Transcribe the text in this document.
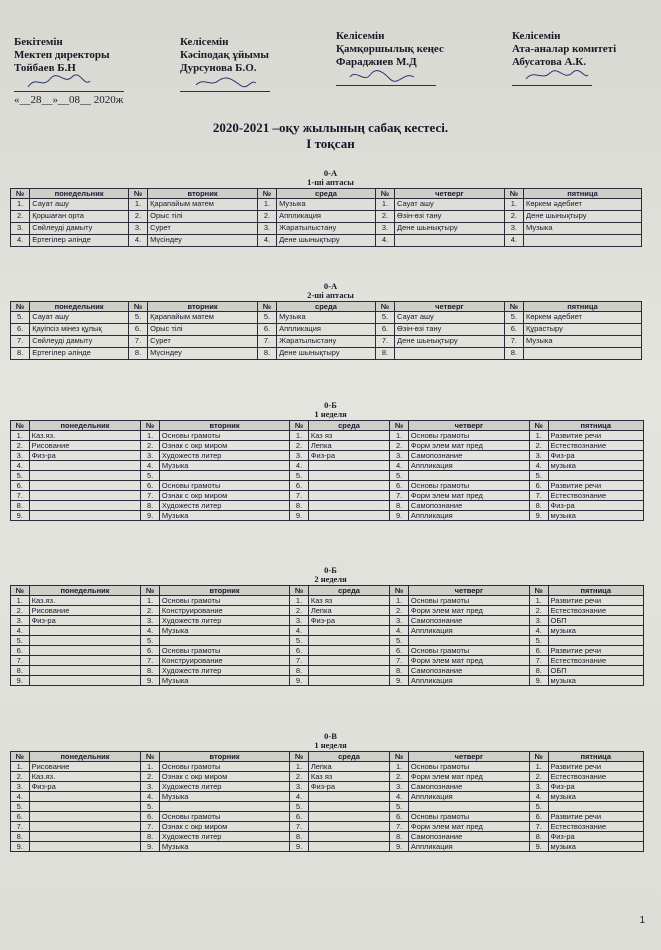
Бекітемін
Мектеп директоры
Тойбаев Б.Н
«__28__»__08__ 2020ж
Келісемін
Кәсіподақ ұйымы
Дурсунова Б.О.
Келісемін
Қамқоршылық кеңес
Фараджиев М.Д
Келісемін
Ата-аналар комитеті
Абусатова А.К.
2020-2021 –оқу жылының сабақ кестесі.
I тоқсан
0-А
1-ші аптасы
№	понедельник	№	вторник	№	среда	№	четверг	№	пятница
1.	Сауат ашу	1.	Қарапайым матем	1.	Музыка	1.	Сауат ашу	1.	Көркем әдебиет
2.	Қоршаған орта	2.	Орыс тілі	2.	Аппликация	2.	Өзін-өзі тану	2.	Дене шынықтыру
3.	Сөйлеуді дамыту	3.	Сурет	3.	Жаратылыстану	3.	Дене шынықтыру	3.	Музыка
4.	Ертегілер әлінде	4.	Мүсіндеу	4.	Дене шынықтыру	4.		4.	
0-А
2-ші аптасы
№	понедельник	№	вторник	№	среда	№	четверг	№	пятница
5.	Сауат ашу	5.	Қарапайым матем	5.	Музыка	5.	Сауат ашу	5.	Көркем әдебиет
6.	Қауіпсіз мінез құлық	6.	Орыс тілі	6.	Аппликация	6.	Өзін-өзі тану	6.	Құрастыру
7.	Сөйлеуді дамыту	7.	Сурет	7.	Жаратылыстану	7.	Дене шынықтыру	7.	Музыка
8.	Ертегілер әлінде	8.	Мүсіндеу	8.	Дене шынықтыру	8.		8.	
0-Б
1 неделя
№	понедельник	№	вторник	№	среда	№	четверг	№	пятница
1.	Каз.яз.	1.	Основы грамоты	1.	Каз яз	1.	Основы грамоты	1.	Развитие речи
2.	Рисование	2.	Ознак с окр миром	2.	Лепка	2.	Форм элем мат пред	2.	Естествознание
3.	Физ-ра	3.	Художеств литер	3.	Физ-ра	3.	Самопознание	3.	Физ-ра
4.		4.	Музыка	4.		4.	Аппликация	4.	музыка
5.		5.		5.		5.		5.	
6.		6.	Основы грамоты	6.		6.	Основы грамоты	6.	Развитие речи
7.		7.	Ознак с окр миром	7.		7.	Форм элем мат пред	7.	Естествознание
8.		8.	Художеств литер	8.		8.	Самопознание	8.	Физ-ра
9.		9.	Музыка	9.		9.	Аппликация	9.	музыка
0-Б
2 неделя
№	понедельник	№	вторник	№	среда	№	четверг	№	пятница
1.	Каз.яз.	1.	Основы грамоты	1.	Каз яз	1.	Основы грамоты	1.	Развитие речи
2.	Рисование	2.	Конструирование	2.	Лепка	2.	Форм элем мат пред	2.	Естествознание
3.	Физ-ра	3.	Художеств литер	3.	Физ-ра	3.	Самопознание	3.	ОБП
4.		4.	Музыка	4.		4.	Аппликация	4.	музыка
5.		5.		5.		5.		5.	
6.		6.	Основы грамоты	6.		6.	Основы грамоты	6.	Развитие речи
7.		7.	Конструирование	7.		7.	Форм элем мат пред	7.	Естествознание
8.		8.	Художеств литер	8.		8.	Самопознание	8.	ОБП
9.		9.	Музыка	9.		9.	Аппликация	9.	музыка
0-В
1 неделя
№	понедельник	№	вторник	№	среда	№	четверг	№	пятница
1.	Рисование	1.	Основы грамоты	1.	Лепка	1.	Основы грамоты	1.	Развитие речи
2.	Каз.яз.	2.	Ознак с окр миром	2.	Каз яз	2.	Форм элем мат пред	2.	Естествознание
3.	Физ-ра	3.	Художеств литер	3.	Физ-ра	3.	Самопознание	3.	Физ-ра
4.		4.	Музыка	4.		4.	Аппликация	4.	музыка
5.		5.		5.		5.		5.	
6.		6.	Основы грамоты	6.		6.	Основы грамоты	6.	Развитие речи
7.		7.	Ознак с окр миром	7.		7.	Форм элем мат пред	7.	Естествознание
8.		8.	Художеств литер	8.		8.	Самопознание	8.	Физ-ра
9.		9.	Музыка	9.		9.	Аппликация	9.	музыка
1
